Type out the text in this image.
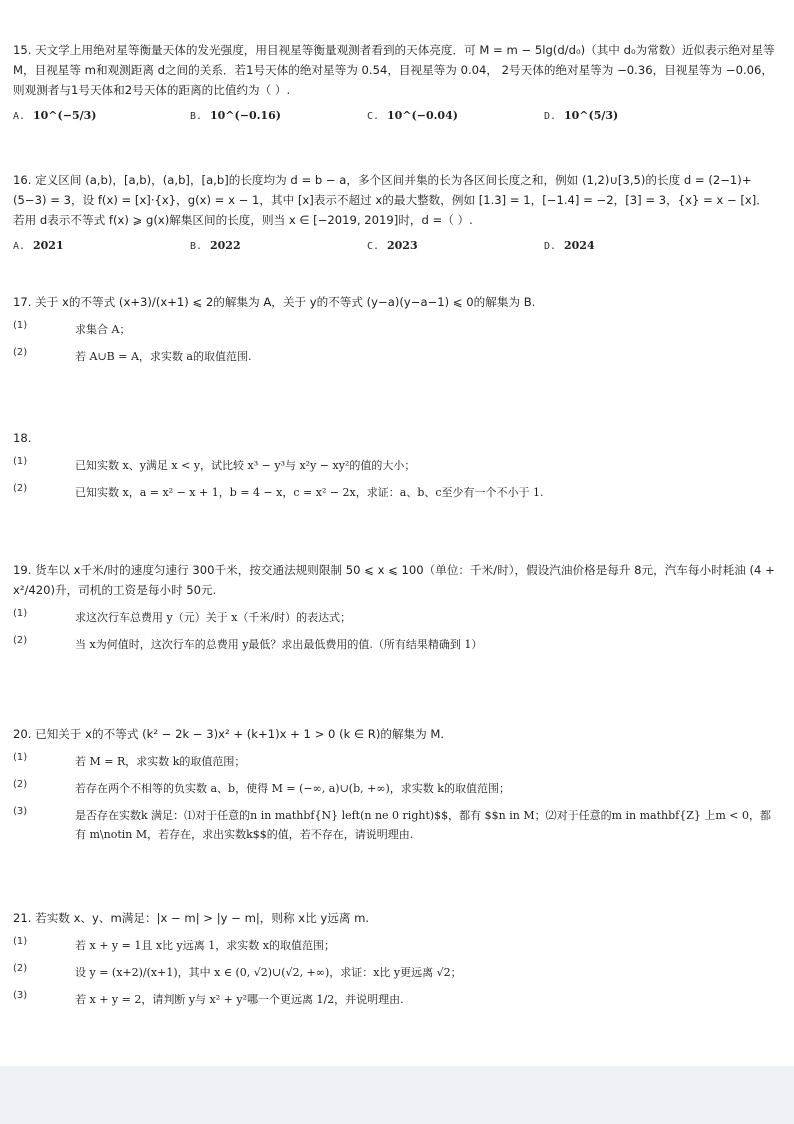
15. 天文学上用绝对星等衡量天体的发光强度，用目视星等衡量观测者看到的天体亮度．可 M = m − 5lg(d/d₀)（其中 d₀为常数）近似表示绝对星等 M，目视星等 m和观测距离 d之间的关系．若1号天体的绝对星等为 0.54，目视星等为 0.04， 2号天体的绝对星等为 −0.36，目视星等为 −0.06，则观测者与1号天体和2号天体的距离的比值约为（ ）.

A. 10^(−5/3)	B. 10^(−0.16)	C. 10^(−0.04)	D. 10^(5/3)

16. 定义区间 (a,b)，[a,b)，(a,b]，[a,b]的长度均为 d = b − a，多个区间并集的长为各区间长度之和，例如 (1,2)∪[3,5)的长度 d = (2−1)+(5−3) = 3，设 f(x) = [x]·{x}，g(x) = x − 1，其中 [x]表示不超过 x的最大整数，例如 [1.3] = 1，[−1.4] = −2，[3] = 3，{x} = x − [x]．若用 d表示不等式 f(x) ⩾ g(x)解集区间的长度，则当 x ∈ [−2019, 2019]时，d =（ ）.

A. 2021	B. 2022	C. 2023	D. 2024

17. 关于 x的不等式 (x+3)/(x+1) ⩽ 2的解集为 A，关于 y的不等式 (y−a)(y−a−1) ⩽ 0的解集为 B.

(1)	求集合 A；
(2)	若 A∪B = A，求实数 a的取值范围.

18.

(1)	已知实数 x、y满足 x < y，试比较 x³ − y³与 x²y − xy²的值的大小；
(2)	已知实数 x，a = x² − x + 1，b = 4 − x，c = x² − 2x，求证：a、b、c至少有一个不小于 1.

19. 货车以 x千米/时的速度匀速行 300千米，按交通法规则限制 50 ⩽ x ⩽ 100（单位：千米/时），假设汽油价格是每升 8元，汽车每小时耗油 (4 + x²/420)升，司机的工资是每小时 50元.

(1)	求这次行车总费用 y（元）关于 x（千米/时）的表达式；
(2)	当 x为何值时，这次行车的总费用 y最低？求出最低费用的值.（所有结果精确到 1）

20. 已知关于 x的不等式 (k² − 2k − 3)x² + (k+1)x + 1 > 0 (k ∈ R)的解集为 M.

(1)	若 M = R，求实数 k的取值范围；
(2)	若存在两个不相等的负实数 a、b，使得 M = (−∞, a)∪(b, +∞)，求实数 k的取值范围；
(3)	是否存在实数k 满足：⑴对于任意的n in mathbf{N} left(n ne 0 right)$$，都有 $$n in M；⑵对于任意的m in mathbf{Z} 上m < 0，都有 m\notin M，若存在，求出实数k$$的值，若不存在，请说明理由.

21. 若实数 x、y、m满足：|x − m| > |y − m|，则称 x比 y远离 m.

(1)	若 x + y = 1且 x比 y远离 1，求实数 x的取值范围；
(2)	设 y = (x+2)/(x+1)，其中 x ∈ (0, √2)∪(√2, +∞)，求证：x比 y更远离 √2；
(3)	若 x + y = 2，请判断 y与 x² + y²哪一个更远离 1/2，并说明理由.
